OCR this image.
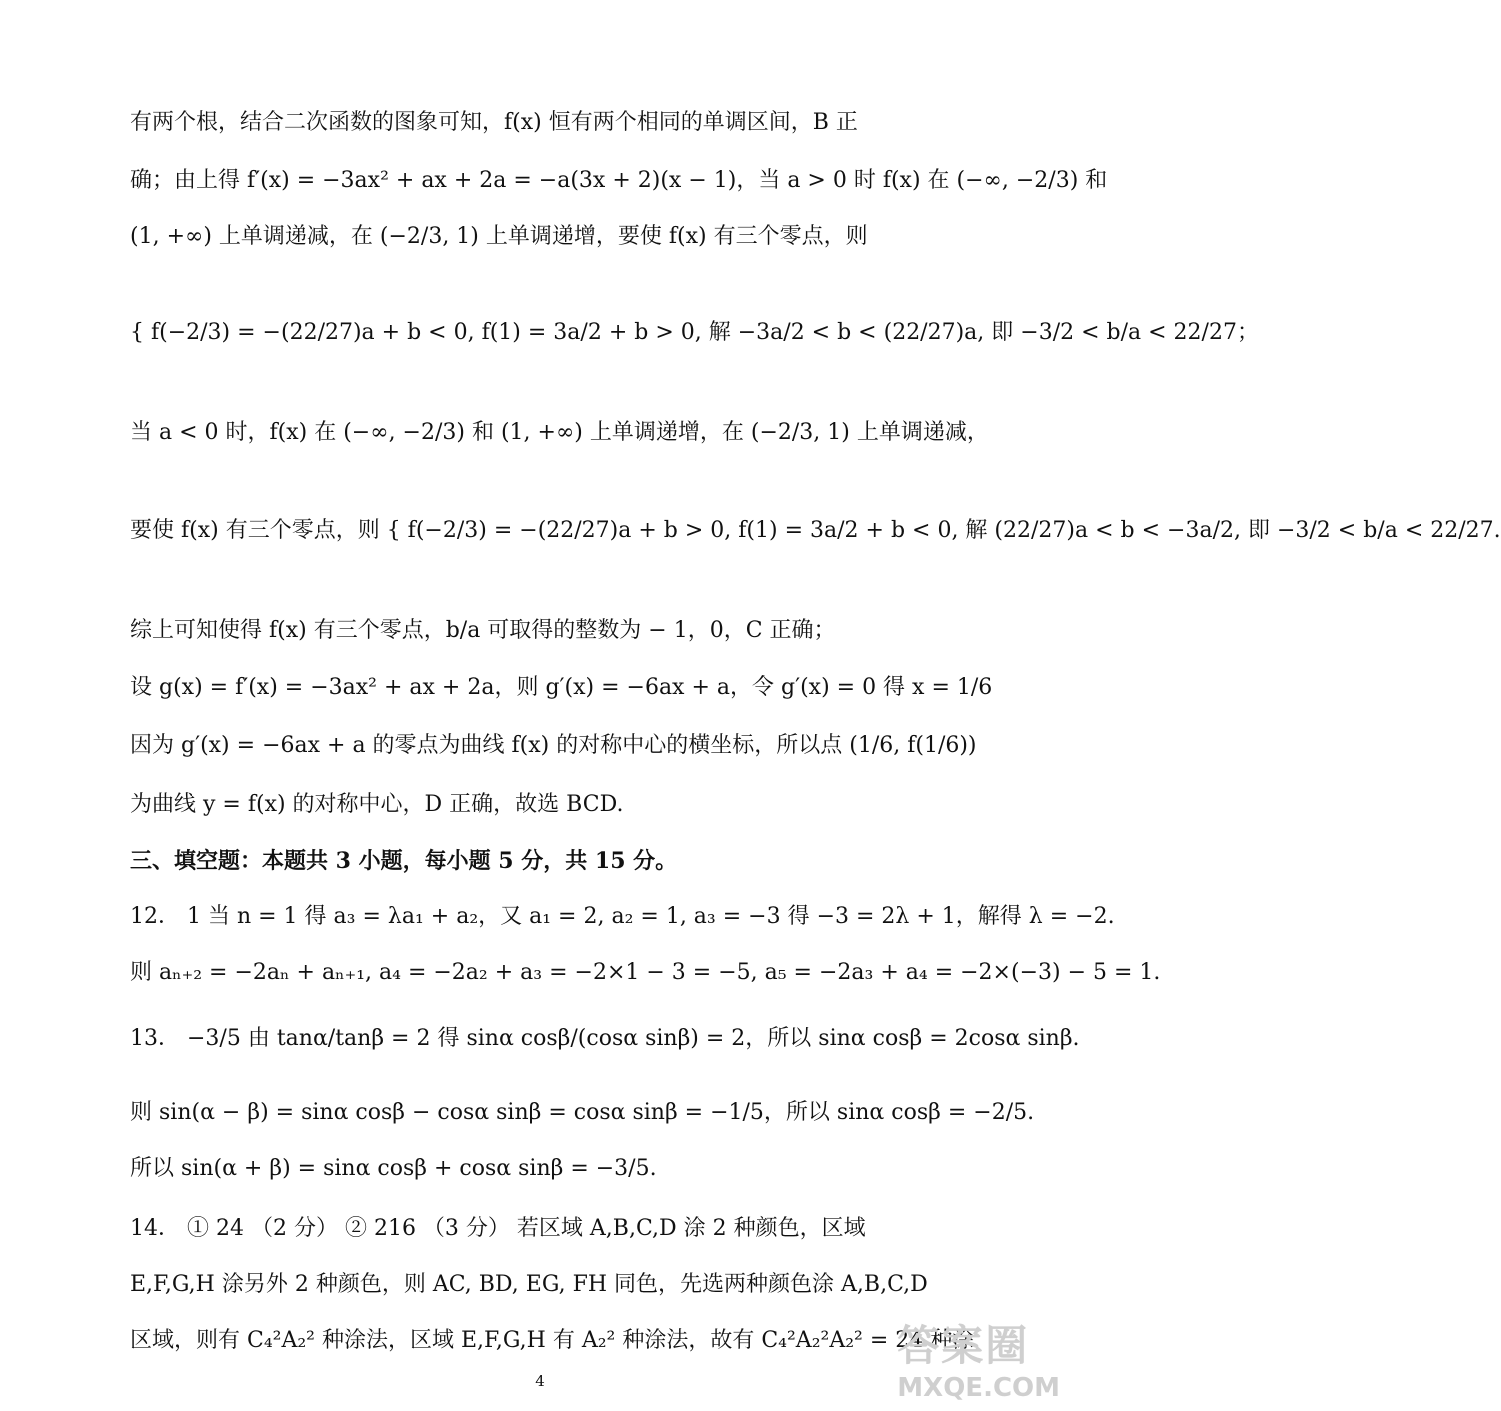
有两个根，结合二次函数的图象可知，f(x) 恒有两个相同的单调区间，B 正
确；由上得 f′(x) = −3ax² + ax + 2a = −a(3x + 2)(x − 1)，当 a > 0 时 f(x) 在 (−∞, −2/3) 和
(1, +∞) 上单调递减，在 (−2/3, 1) 上单调递增，要使 f(x) 有三个零点，则
{ f(−2/3) = −(22/27)a + b < 0, f(1) = 3a/2 + b > 0, 解 −3a/2 < b < (22/27)a, 即 −3/2 < b/a < 22/27；
当 a < 0 时，f(x) 在 (−∞, −2/3) 和 (1, +∞) 上单调递增，在 (−2/3, 1) 上单调递减，
要使 f(x) 有三个零点，则 { f(−2/3) = −(22/27)a + b > 0, f(1) = 3a/2 + b < 0, 解 (22/27)a < b < −3a/2, 即 −3/2 < b/a < 22/27.
综上可知使得 f(x) 有三个零点，b/a 可取得的整数为 − 1，0，C 正确；
设 g(x) = f′(x) = −3ax² + ax + 2a，则 g′(x) = −6ax + a，令 g′(x) = 0 得 x = 1/6
因为 g′(x) = −6ax + a 的零点为曲线 f(x) 的对称中心的横坐标，所以点 (1/6, f(1/6))
为曲线 y = f(x) 的对称中心，D 正确，故选 BCD.
三、填空题：本题共 3 小题，每小题 5 分，共 15 分。
12． 1 当 n = 1 得 a₃ = λa₁ + a₂，又 a₁ = 2, a₂ = 1, a₃ = −3 得 −3 = 2λ + 1，解得 λ = −2.
则 aₙ₊₂ = −2aₙ + aₙ₊₁, a₄ = −2a₂ + a₃ = −2×1 − 3 = −5, a₅ = −2a₃ + a₄ = −2×(−3) − 5 = 1.
13． −3/5 由 tanα/tanβ = 2 得 sinα cosβ/(cosα sinβ) = 2，所以 sinα cosβ = 2cosα sinβ.
则 sin(α − β) = sinα cosβ − cosα sinβ = cosα sinβ = −1/5，所以 sinα cosβ = −2/5.
所以 sin(α + β) = sinα cosβ + cosα sinβ = −3/5.
14． ① 24 （2 分） ② 216 （3 分） 若区域 A,B,C,D 涂 2 种颜色，区域
E,F,G,H 涂另外 2 种颜色，则 AC, BD, EG, FH 同色，先选两种颜色涂 A,B,C,D
区域，则有 C₄²A₂² 种涂法，区域 E,F,G,H 有 A₂² 种涂法，故有 C₄²A₂²A₂² = 24 种涂
4
答案圈
MXQE.COM
